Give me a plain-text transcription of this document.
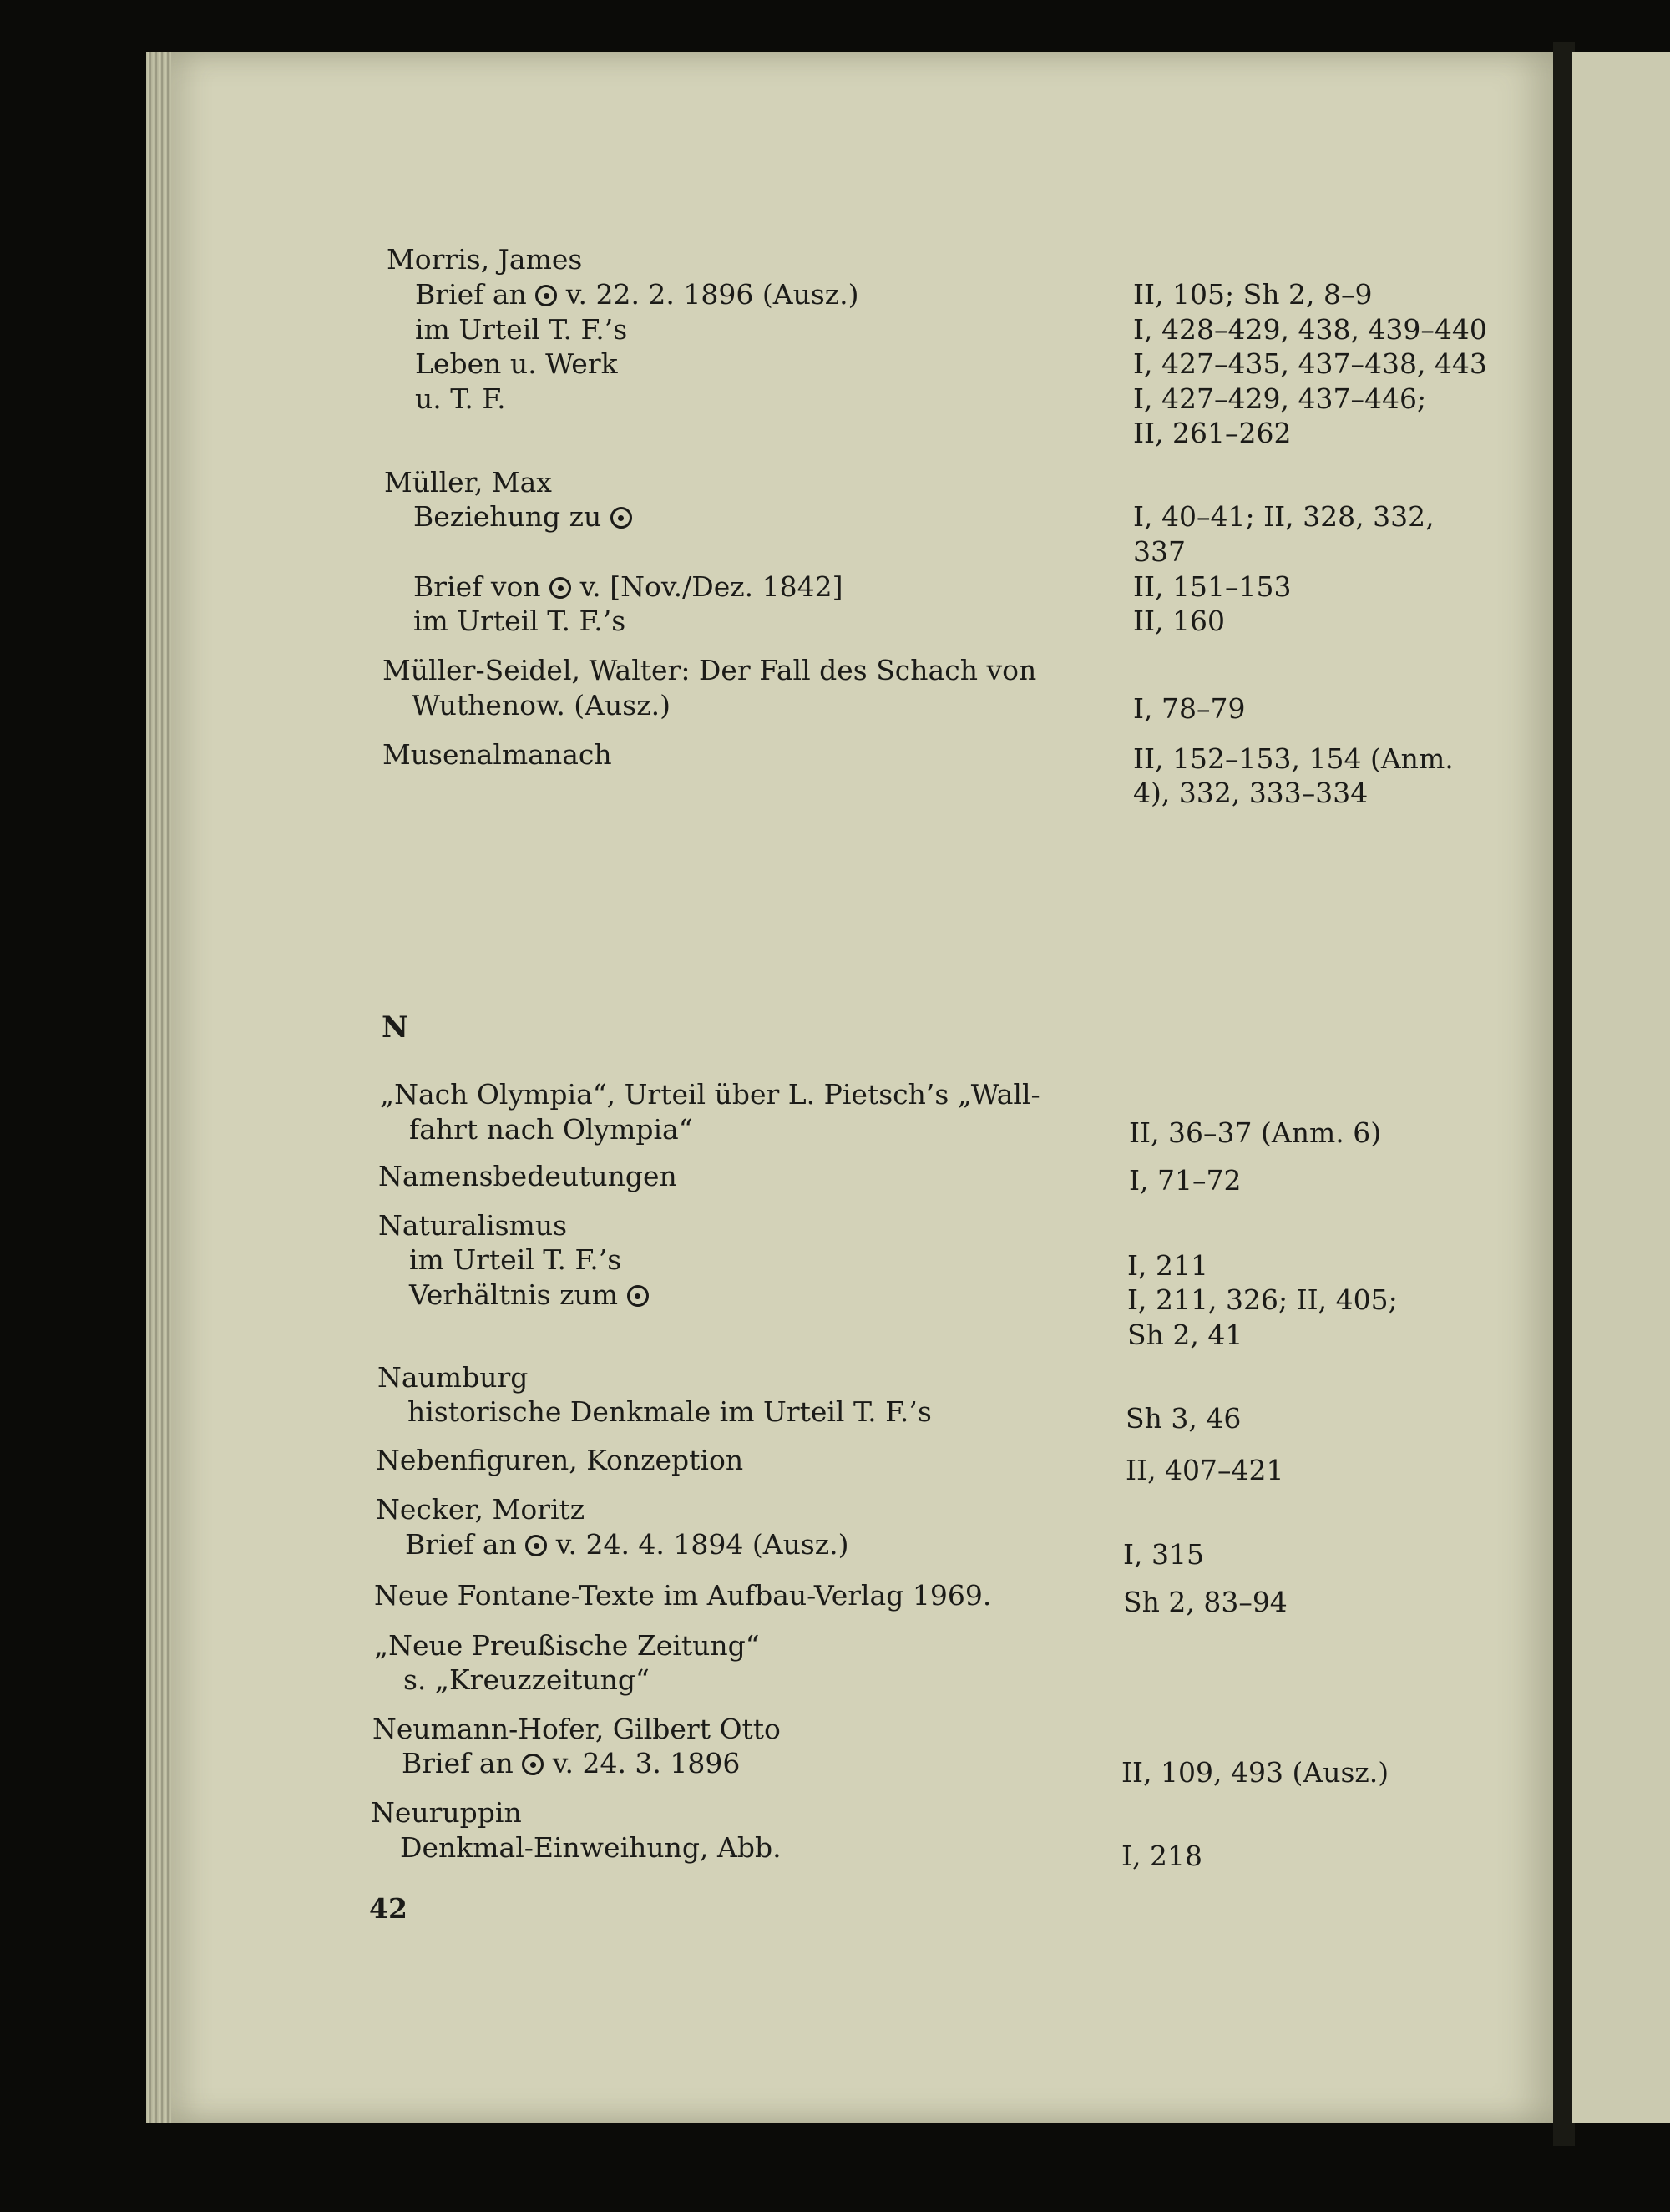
Morris, James
Brief an v. 22. 2. 1896 (Ausz.)	II, 105; Sh 2, 8–9
im Urteil T. F.’s	I, 428–429, 438, 439–440
Leben u. Werk	I, 427–435, 437–438, 443
u. T. F.	I, 427–429, 437–446;
II, 261–262
Müller, Max
Beziehung zu	I, 40–41; II, 328, 332,
337
Brief von v. [Nov./Dez. 1842]	II, 151–153
im Urteil T. F.’s	II, 160
Müller-Seidel, Walter: Der Fall des Schach von
Wuthenow. (Ausz.)	I, 78–79
Musenalmanach	II, 152–153, 154 (Anm.
4), 332, 333–334
N
„Nach Olympia“, Urteil über L. Pietsch’s „Wall-
fahrt nach Olympia“	II, 36–37 (Anm. 6)
Namensbedeutungen	I, 71–72
Naturalismus
im Urteil T. F.’s	I, 211
Verhältnis zum	I, 211, 326; II, 405;
Sh 2, 41
Naumburg
historische Denkmale im Urteil T. F.’s	Sh 3, 46
Nebenfiguren, Konzeption	II, 407–421
Necker, Moritz
Brief an v. 24. 4. 1894 (Ausz.)	I, 315
Neue Fontane-Texte im Aufbau-Verlag 1969.	Sh 2, 83–94
„Neue Preußische Zeitung“
s. „Kreuzzeitung“
Neumann-Hofer, Gilbert Otto
Brief an v. 24. 3. 1896	II, 109, 493 (Ausz.)
Neuruppin
Denkmal-Einweihung, Abb.	I, 218
42
